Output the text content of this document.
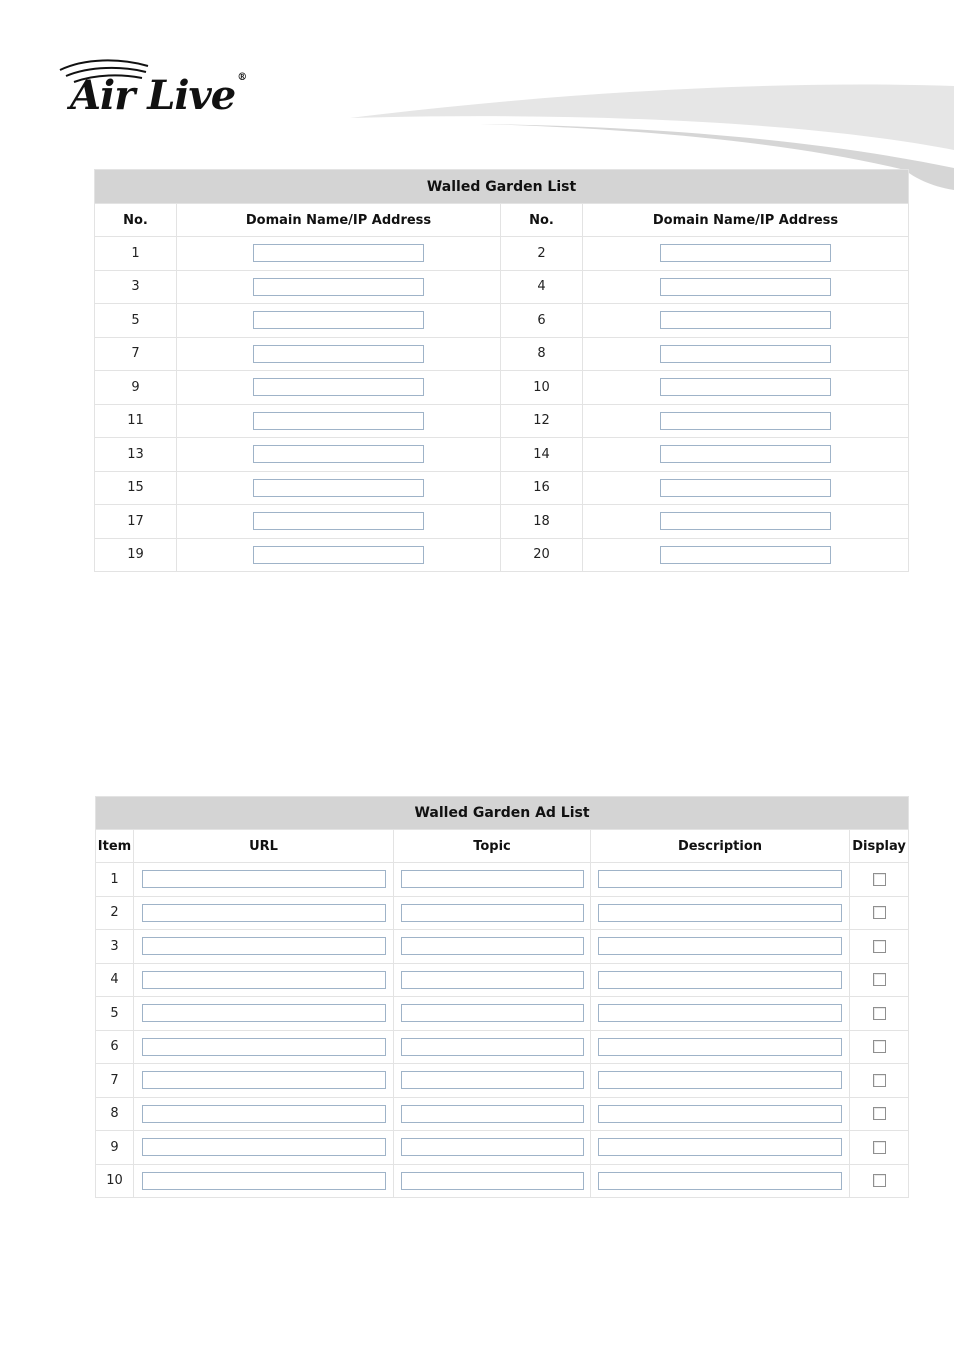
Air Live ®
Walled Garden List			
No.	Domain Name/IP Address	No.	Domain Name/IP Address
1		2	
3		4	
5		6	
7		8	
9		10	
11		12	
13		14	
15		16	
17		18	
19		20	
Walled Garden Ad List				
Item	URL	Topic	Description	Display
1				
2				
3				
4				
5				
6				
7				
8				
9				
10				
